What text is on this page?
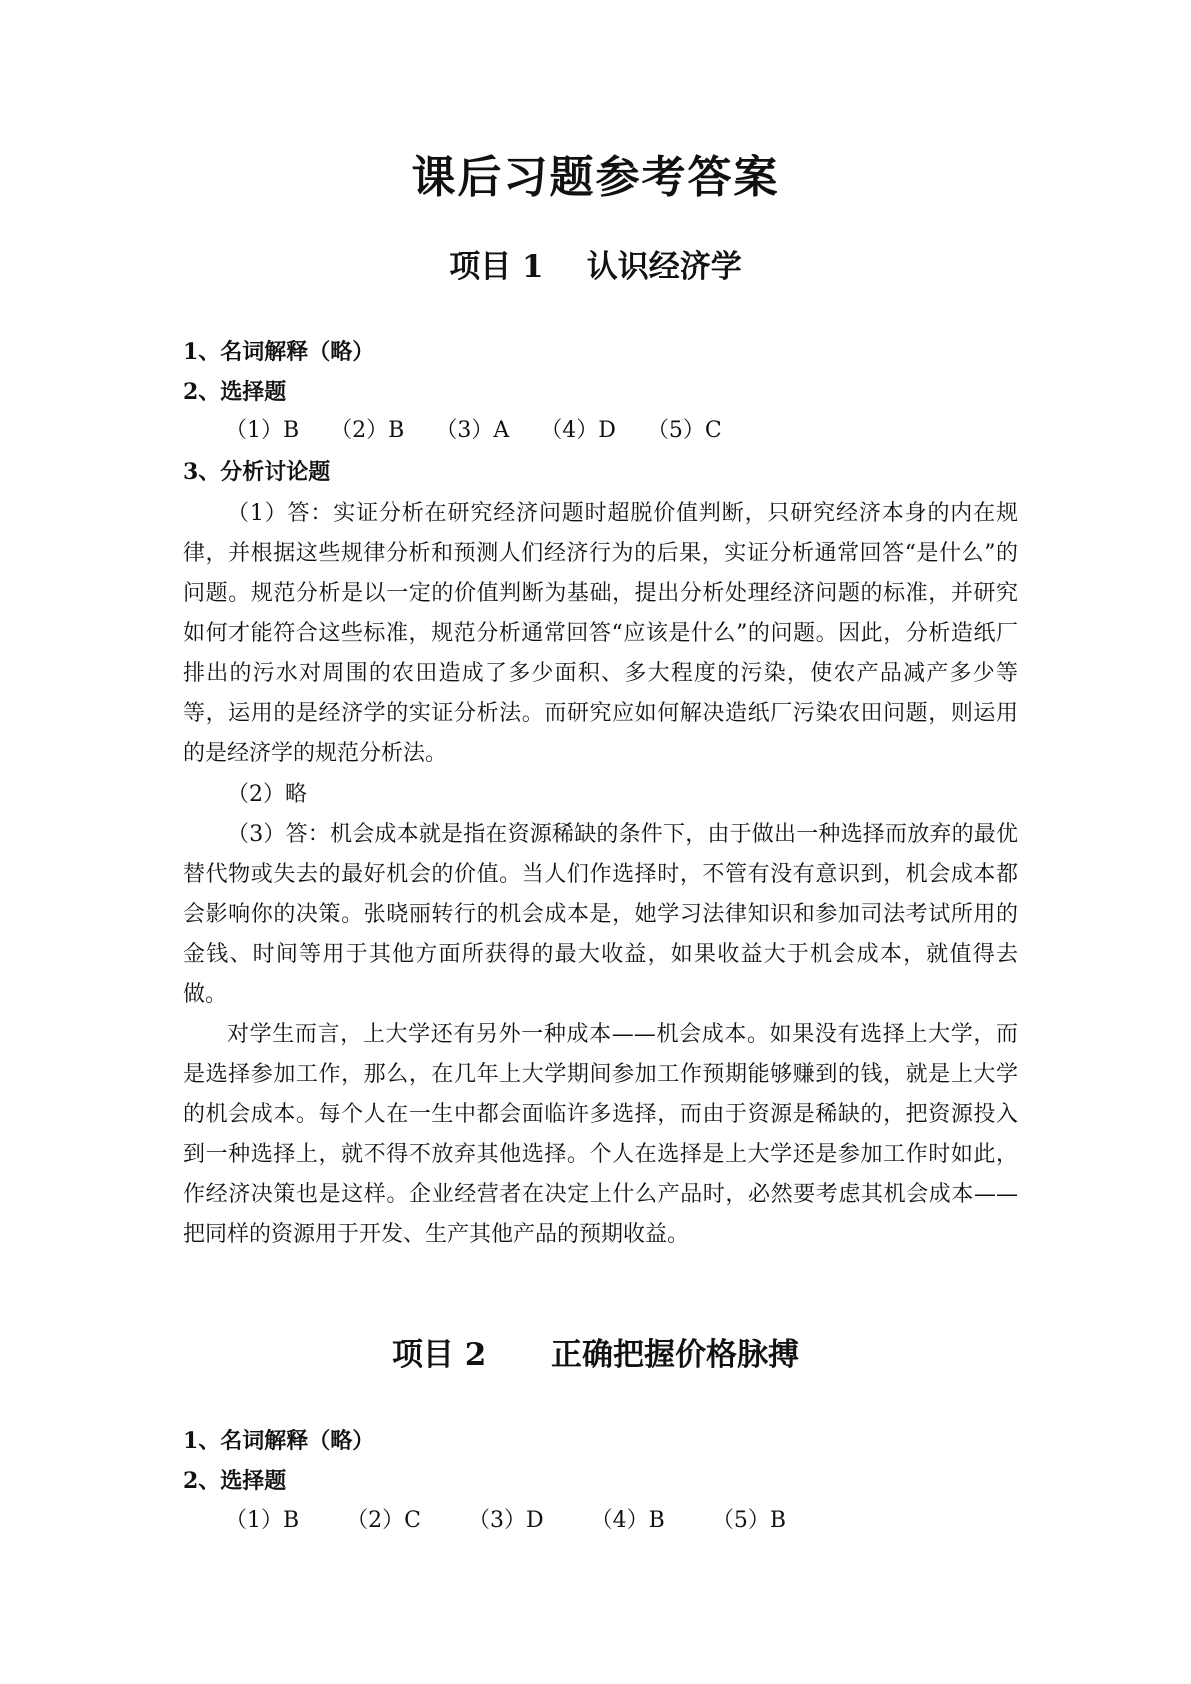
课后习题参考答案
项目 1    认识经济学
1、名词解释（略）
2、选择题
（1）B （2）B （3）A （4）D （5）C
3、分析讨论题

（1）答：实证分析在研究经济问题时超脱价值判断，只研究经济本身的内在规律，并根据这些规律分析和预测人们经济行为的后果，实证分析通常回答“是什么”的问题。规范分析是以一定的价值判断为基础，提出分析处理经济问题的标准，并研究如何才能符合这些标准，规范分析通常回答“应该是什么”的问题。因此，分析造纸厂排出的污水对周围的农田造成了多少面积、多大程度的污染，使农产品减产多少等等，运用的是经济学的实证分析法。而研究应如何解决造纸厂污染农田问题，则运用的是经济学的规范分析法。

（2）略

（3）答：机会成本就是指在资源稀缺的条件下，由于做出一种选择而放弃的最优替代物或失去的最好机会的价值。当人们作选择时，不管有没有意识到，机会成本都会影响你的决策。张晓丽转行的机会成本是，她学习法律知识和参加司法考试所用的金钱、时间等用于其他方面所获得的最大收益，如果收益大于机会成本，就值得去做。

对学生而言，上大学还有另外一种成本——机会成本。如果没有选择上大学，而是选择参加工作，那么，在几年上大学期间参加工作预期能够赚到的钱，就是上大学的机会成本。每个人在一生中都会面临许多选择，而由于资源是稀缺的，把资源投入到一种选择上，就不得不放弃其他选择。个人在选择是上大学还是参加工作时如此，作经济决策也是这样。企业经营者在决定上什么产品时，必然要考虑其机会成本——把同样的资源用于开发、生产其他产品的预期收益。

项目 2      正确把握价格脉搏
1、名词解释（略）
2、选择题
（1）B （2）C （3）D （4）B （5）B
